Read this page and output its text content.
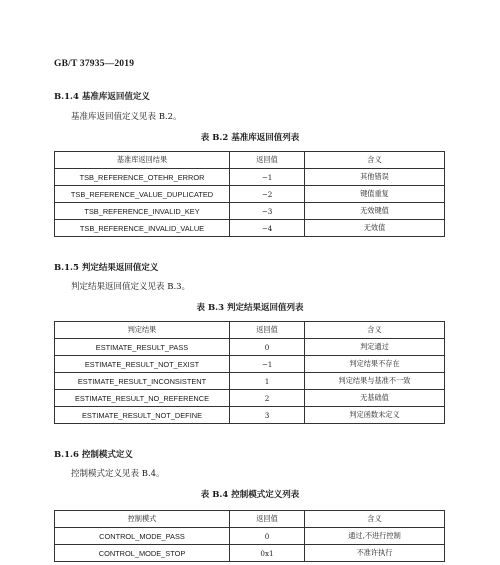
GB/T 37935—2019
B.1.4 基准库返回值定义
基准库返回值定义见表 B.2。
表 B.2 基准库返回值列表
基准库返回结果	返回值	含义
TSB_REFERENCE_OTEHR_ERROR	−1	其他错误
TSB_REFERENCE_VALUE_DUPLICATED	−2	键值重复
TSB_REFERENCE_INVALID_KEY	−3	无效键值
TSB_REFERENCE_INVALID_VALUE	−4	无效值
B.1.5 判定结果返回值定义
判定结果返回值定义见表 B.3。
表 B.3 判定结果返回值列表
判定结果	返回值	含义
ESTIMATE_RESULT_PASS	0	判定通过
ESTIMATE_RESULT_NOT_EXIST	−1	判定结果不存在
ESTIMATE_RESULT_INCONSISTENT	1	判定结果与基准不一致
ESTIMATE_RESULT_NO_REFERENCE	2	无基础值
ESTIMATE_RESULT_NOT_DEFINE	3	判定函数未定义
B.1.6 控制模式定义
控制模式定义见表 B.4。
表 B.4 控制模式定义列表
控制模式	返回值	含义
CONTROL_MODE_PASS	0	通过,不进行控制
CONTROL_MODE_STOP	0x1	不准许执行
